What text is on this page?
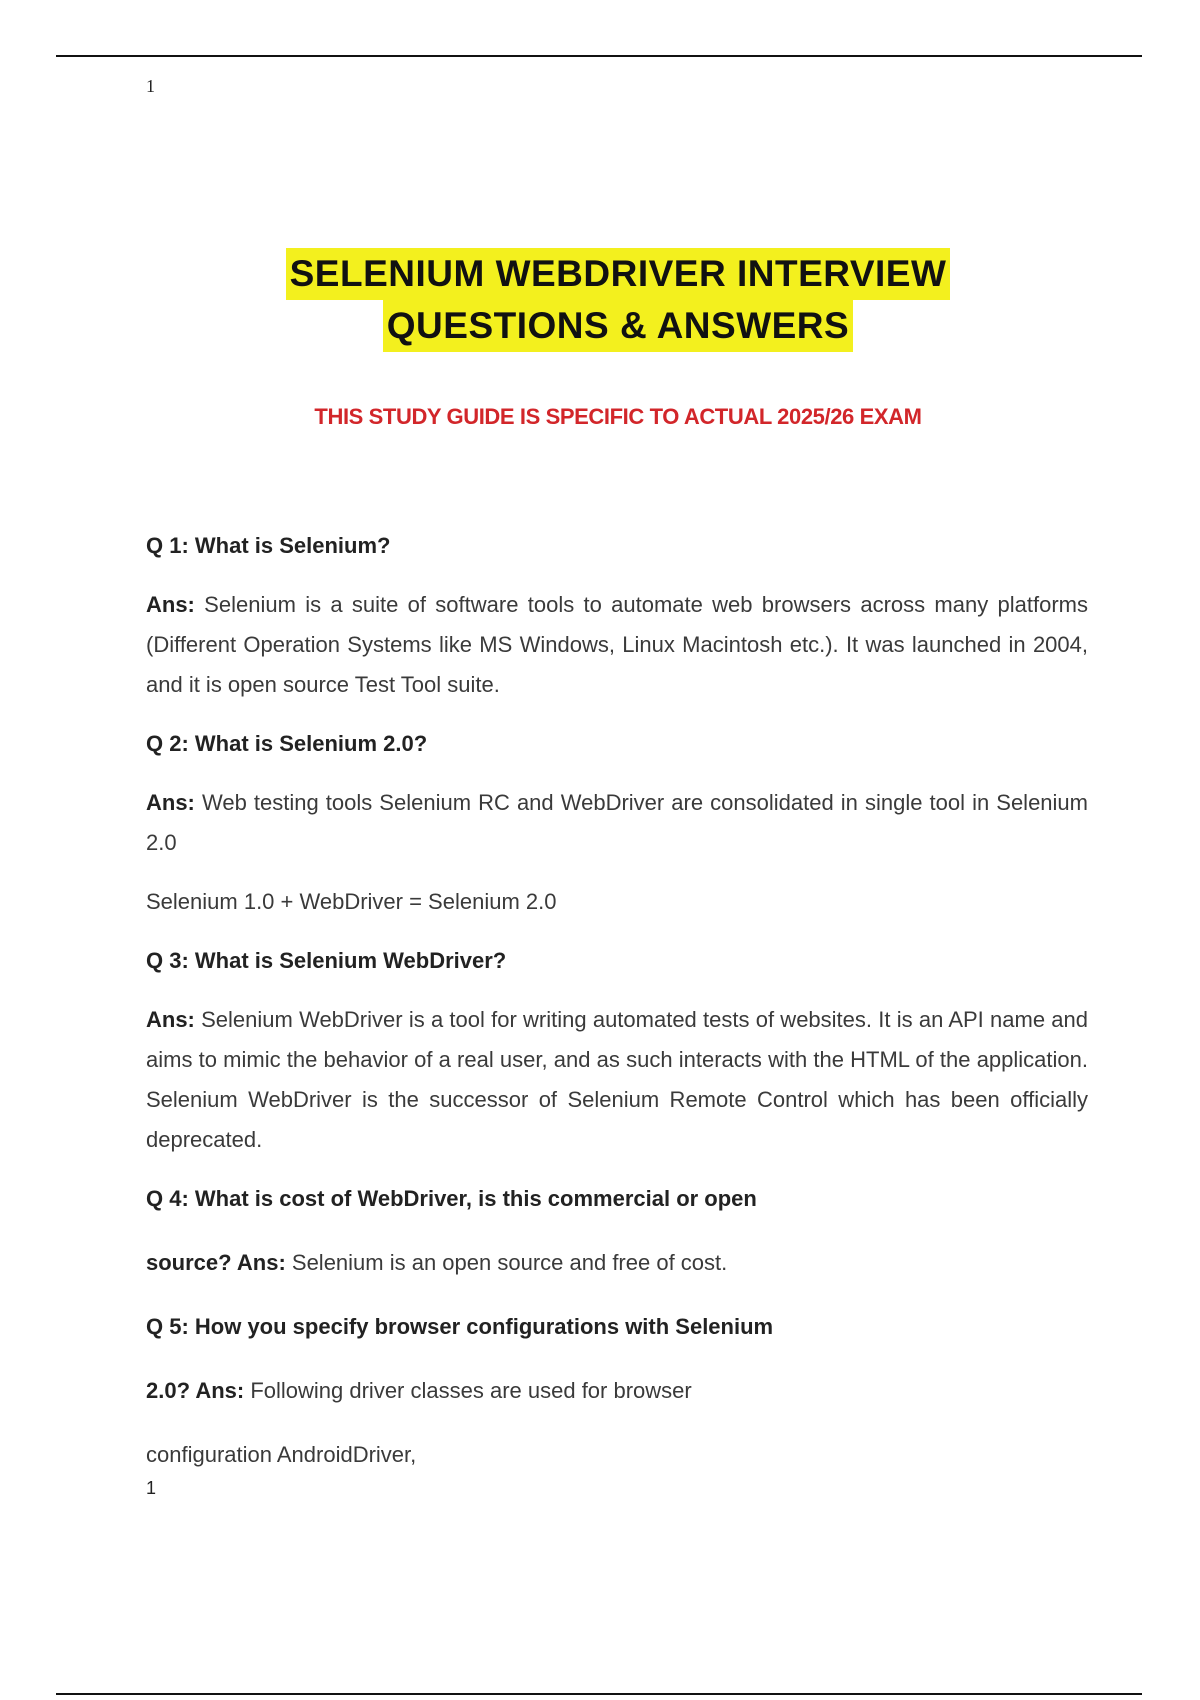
1
SELENIUM WEBDRIVER INTERVIEW
QUESTIONS & ANSWERS
THIS STUDY GUIDE IS SPECIFIC TO ACTUAL 2025/26 EXAM

Q 1: What is Selenium?

Ans: Selenium is a suite of software tools to automate web browsers across many platforms (Different Operation Systems like MS Windows, Linux Macintosh etc.). It was launched in 2004, and it is open source Test Tool suite.

Q 2: What is Selenium 2.0?

Ans: Web testing tools Selenium RC and WebDriver are consolidated in single tool in Selenium 2.0

Selenium 1.0 + WebDriver = Selenium 2.0

Q 3: What is Selenium WebDriver?

Ans: Selenium WebDriver is a tool for writing automated tests of websites. It is an API name and aims to mimic the behavior of a real user, and as such interacts with the HTML of the application. Selenium WebDriver is the successor of Selenium Remote Control which has been officially deprecated.

Q 4: What is cost of WebDriver, is this commercial or open

source? Ans: Selenium is an open source and free of cost.

Q 5: How you specify browser configurations with Selenium

2.0? Ans: Following driver classes are used for browser

configuration AndroidDriver,

1
